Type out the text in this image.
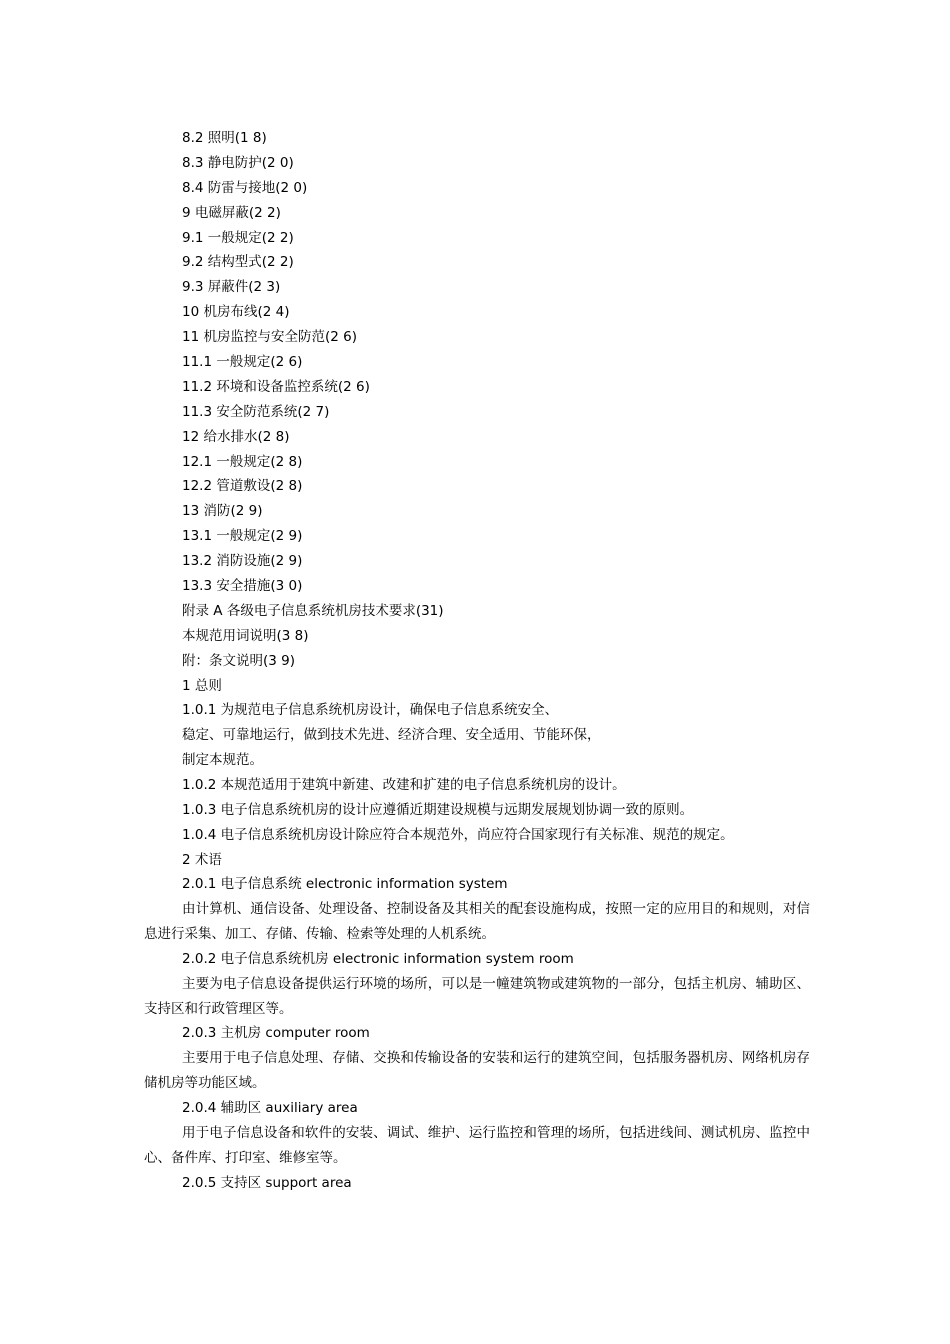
8.2 照明(1 8)
8.3 静电防护(2 0)
8.4 防雷与接地(2 0)
9 电磁屏蔽(2 2)
9.1 一般规定(2 2)
9.2 结构型式(2 2)
9.3 屏蔽件(2 3)
10 机房布线(2 4)
11 机房监控与安全防范(2 6)
11.1 一般规定(2 6)
11.2 环境和设备监控系统(2 6)
11.3 安全防范系统(2 7)
12 给水排水(2 8)
12.1 一般规定(2 8)
12.2 管道敷设(2 8)
13 消防(2 9)
13.1 一般规定(2 9)
13.2 消防设施(2 9)
13.3 安全措施(3 0)
附录 A 各级电子信息系统机房技术要求(31)
本规范用词说明(3 8)
附：条文说明(3 9)
1 总则
1.0.1 为规范电子信息系统机房设计，确保电子信息系统安全、
稳定、可靠地运行，做到技术先进、经济合理、安全适用、节能环保，
制定本规范。
1.0.2 本规范适用于建筑中新建、改建和扩建的电子信息系统机房的设计。
1.0.3 电子信息系统机房的设计应遵循近期建设规模与远期发展规划协调一致的原则。
1.0.4 电子信息系统机房设计除应符合本规范外，尚应符合国家现行有关标准、规范的规定。
2 术语
2.0.1 电子信息系统 electronic information system

由计算机、通信设备、处理设备、控制设备及其相关的配套设施构成，按照一定的应用目的和规则，对信息进行采集、加工、存储、传输、检索等处理的人机系统。

2.0.2 电子信息系统机房 electronic information system room

主要为电子信息设备提供运行环境的场所，可以是一幢建筑物或建筑物的一部分，包括主机房、辅助区、支持区和行政管理区等。

2.0.3 主机房 computer room

主要用于电子信息处理、存储、交换和传输设备的安装和运行的建筑空间，包括服务器机房、网络机房存储机房等功能区域。

2.0.4 辅助区 auxiliary area

用于电子信息设备和软件的安装、调试、维护、运行监控和管理的场所，包括进线间、测试机房、监控中心、备件库、打印室、维修室等。

2.0.5 支持区 support area
